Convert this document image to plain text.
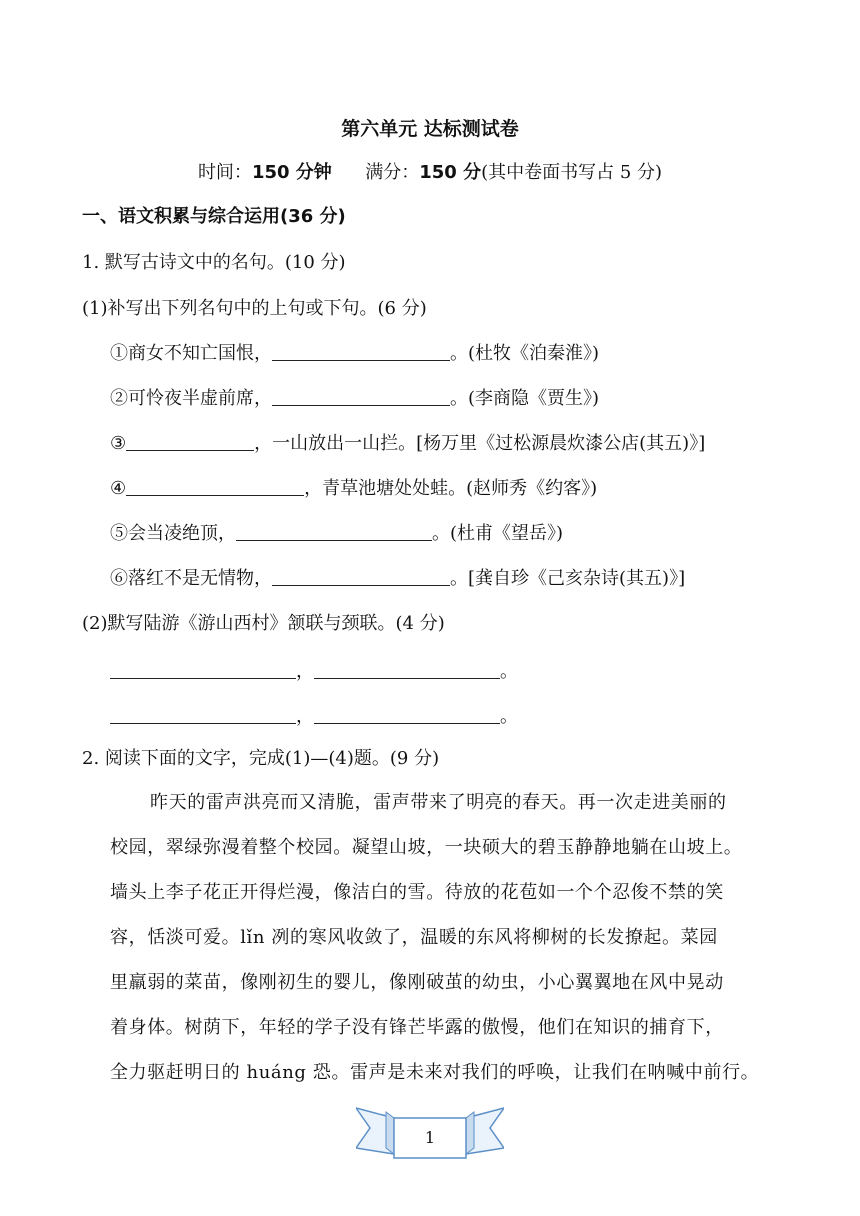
第六单元 达标测试卷
时间：150 分钟 满分：150 分(其中卷面书写占 5 分)
一、语文积累与综合运用(36 分)
1. 默写古诗文中的名句。(10 分)
(1)补写出下列名句中的上句或下句。(6 分)
①商女不知亡国恨，	。(杜牧《泊秦淮》)
②可怜夜半虚前席，	。(李商隐《贾生》)
③	，一山放出一山拦。[杨万里《过松源晨炊漆公店(其五)》]
④	，青草池塘处处蛙。(赵师秀《约客》)
⑤会当凌绝顶，	。(杜甫《望岳》)
⑥落红不是无情物，	。[龚自珍《己亥杂诗(其五)》]
(2)默写陆游《游山西村》颔联与颈联。(4 分)
，	。
，	。
2. 阅读下面的文字，完成(1)—(4)题。(9 分)
昨天的雷声洪亮而又清脆，雷声带来了明亮的春天。再一次走进美丽的
校园，翠绿弥漫着整个校园。凝望山坡，一块硕大的碧玉静静地躺在山坡上。
墙头上李子花正开得烂漫，像洁白的雪。待放的花苞如一个个忍俊不禁的笑
容，恬淡可爱。lǐn 冽的寒风收敛了，温暖的东风将柳树的长发撩起。菜园
里羸弱的菜苗，像刚初生的婴儿，像刚破茧的幼虫，小心翼翼地在风中晃动
着身体。树荫下，年轻的学子没有锋芒毕露的傲慢，他们在知识的捕育下，
全力驱赶明日的 huáng 恐。雷声是未来对我们的呼唤，让我们在呐喊中前行。
1
